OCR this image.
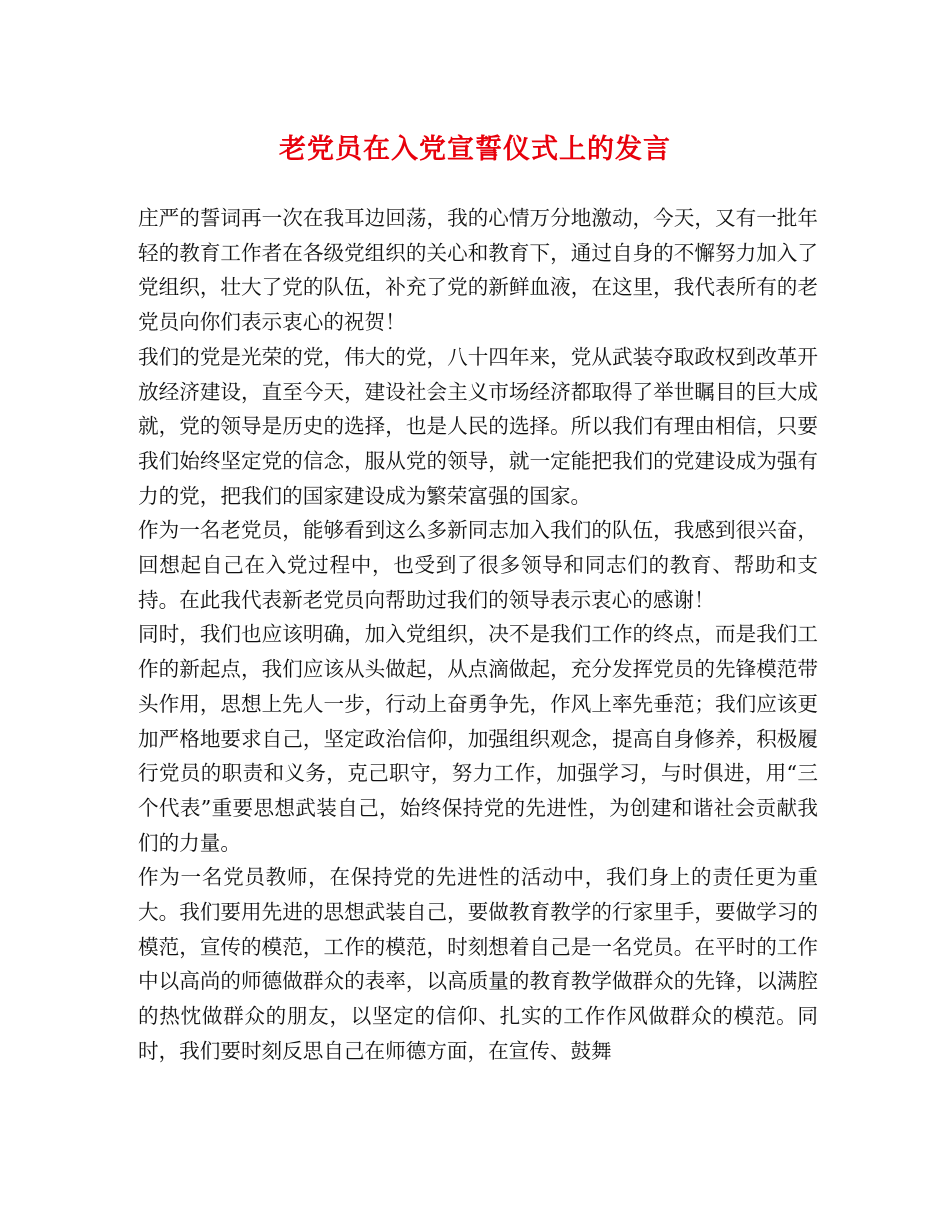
老党员在入党宣誓仪式上的发言

庄严的誓词再一次在我耳边回荡，我的心情万分地激动，今天，又有一批年轻的教育工作者在各级党组织的关心和教育下，通过自身的不懈努力加入了党组织，壮大了党的队伍，补充了党的新鲜血液，在这里，我代表所有的老党员向你们表示衷心的祝贺！

我们的党是光荣的党，伟大的党，八十四年来，党从武装夺取政权到改革开放经济建设，直至今天，建设社会主义市场经济都取得了举世瞩目的巨大成就，党的领导是历史的选择，也是人民的选择。所以我们有理由相信，只要我们始终坚定党的信念，服从党的领导，就一定能把我们的党建设成为强有力的党，把我们的国家建设成为繁荣富强的国家。

作为一名老党员，能够看到这么多新同志加入我们的队伍，我感到很兴奋，回想起自己在入党过程中，也受到了很多领导和同志们的教育、帮助和支持。在此我代表新老党员向帮助过我们的领导表示衷心的感谢！

同时，我们也应该明确，加入党组织，决不是我们工作的终点，而是我们工作的新起点，我们应该从头做起，从点滴做起，充分发挥党员的先锋模范带头作用，思想上先人一步，行动上奋勇争先，作风上率先垂范；我们应该更加严格地要求自己，坚定政治信仰，加强组织观念，提高自身修养，积极履行党员的职责和义务，克己职守，努力工作，加强学习，与时俱进，用“三个代表”重要思想武装自己，始终保持党的先进性，为创建和谐社会贡献我们的力量。

作为一名党员教师，在保持党的先进性的活动中，我们身上的责任更为重大。我们要用先进的思想武装自己，要做教育教学的行家里手，要做学习的模范，宣传的模范，工作的模范，时刻想着自己是一名党员。在平时的工作中以高尚的师德做群众的表率，以高质量的教育教学做群众的先锋，以满腔的热忱做群众的朋友，以坚定的信仰、扎实的工作作风做群众的模范。同时，我们要时刻反思自己在师德方面，在宣传、鼓舞
